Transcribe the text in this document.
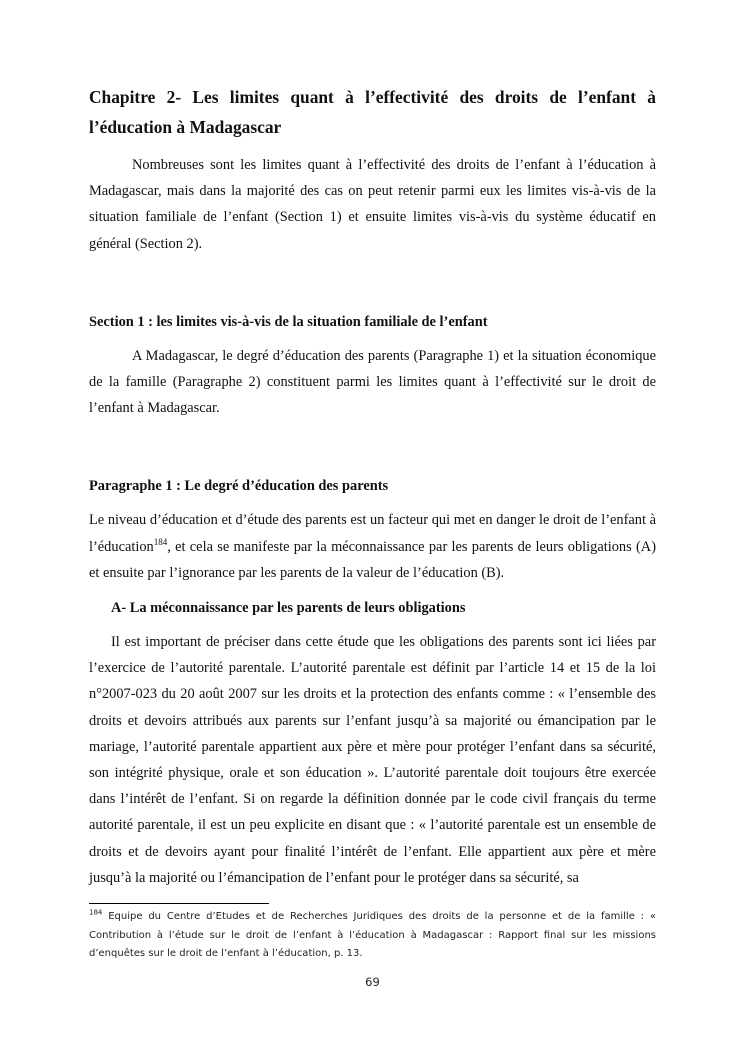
Chapitre 2- Les limites quant à l’effectivité des droits de l’enfant à l’éducation à Madagascar

Nombreuses sont les limites quant à l’effectivité des droits de l’enfant à l’éducation à Madagascar, mais dans la majorité des cas on peut retenir parmi eux les limites vis-à-vis de la situation familiale de l’enfant (Section 1) et ensuite limites vis-à-vis du système éducatif en général (Section 2).

Section 1 : les limites vis-à-vis de la situation familiale de l’enfant

A Madagascar, le degré d’éducation des parents (Paragraphe 1) et la situation économique de la famille (Paragraphe 2) constituent parmi les limites quant à l’effectivité sur le droit de l’enfant à Madagascar.

Paragraphe 1 : Le degré d’éducation des parents

Le niveau d’éducation et d’étude des parents est un facteur qui met en danger le droit de l’enfant à l’éducation$^{184}$, et cela se manifeste par la méconnaissance par les parents de leurs obligations (A) et ensuite par l’ignorance par les parents de la valeur de l’éducation (B).

A- La méconnaissance par les parents de leurs obligations

Il est important de préciser dans cette étude que les obligations des parents sont ici liées par l’exercice de l’autorité parentale. L’autorité parentale est définit par l’article 14 et 15 de la loi n°2007-023 du 20 août 2007 sur les droits et la protection des enfants comme : « l’ensemble des droits et devoirs attribués aux parents sur l’enfant jusqu’à sa majorité ou émancipation par le mariage, l’autorité parentale appartient aux père et mère pour protéger l’enfant dans sa sécurité, son intégrité physique, orale et son éducation ». L’autorité parentale doit toujours être exercée dans l’intérêt de l’enfant. Si on regarde la définition donnée par le code civil français du terme autorité parentale, il est un peu explicite en disant que : « l’autorité parentale est un ensemble de droits et de devoirs ayant pour finalité l’intérêt de l’enfant. Elle appartient aux père et mère jusqu’à la majorité ou l’émancipation de l’enfant pour le protéger dans sa sécurité, sa

$^{184}$ Equipe du Centre d’Etudes et de Recherches Juridiques des droits de la personne et de la famille : « Contribution à l’étude sur le droit de l’enfant à l’éducation à Madagascar : Rapport final sur les missions d’enquêtes sur le droit de l’enfant à l’éducation, p. 13.
69
